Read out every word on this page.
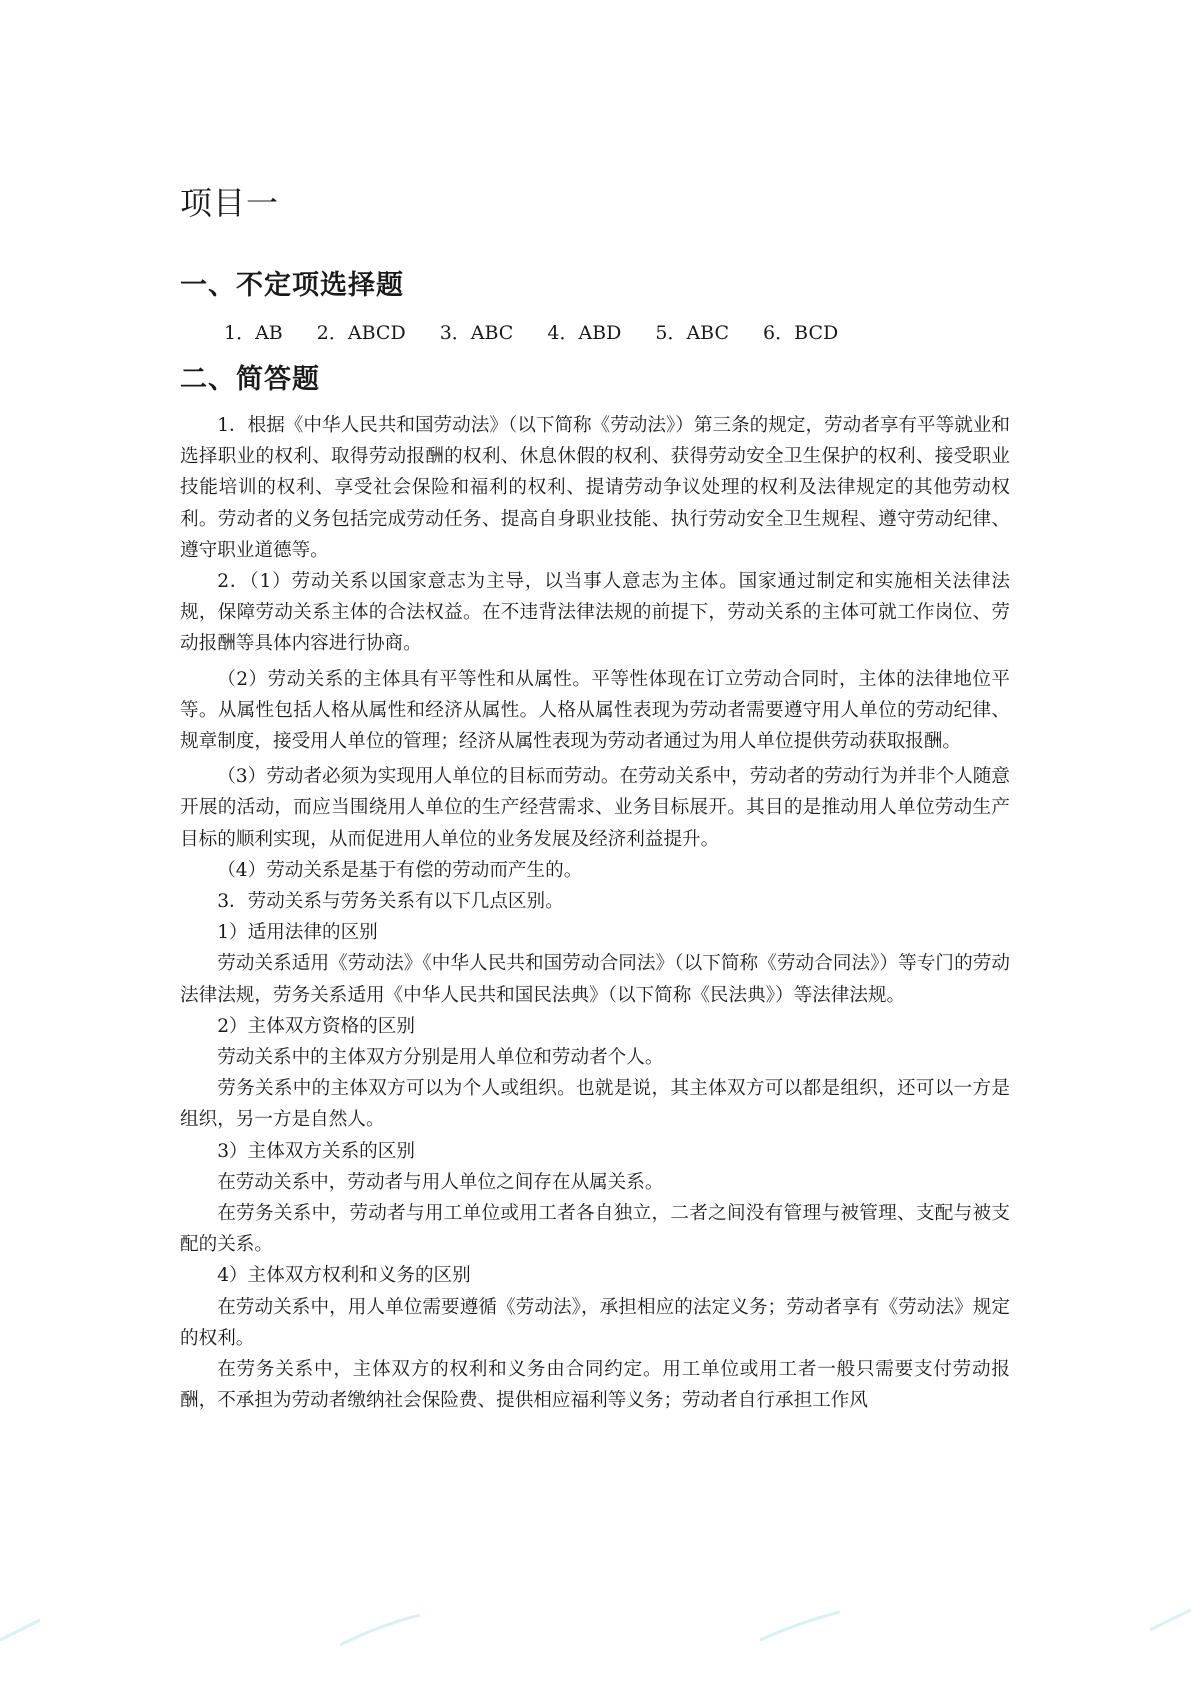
项目一
一、不定项选择题
1．AB 2．ABCD 3．ABC 4．ABD 5．ABC 6．BCD
二、简答题

1．根据《中华人民共和国劳动法》（以下简称《劳动法》）第三条的规定，劳动者享有平等就业和选择职业的权利、取得劳动报酬的权利、休息休假的权利、获得劳动安全卫生保护的权利、接受职业技能培训的权利、享受社会保险和福利的权利、提请劳动争议处理的权利及法律规定的其他劳动权利。劳动者的义务包括完成劳动任务、提高自身职业技能、执行劳动安全卫生规程、遵守劳动纪律、遵守职业道德等。

2．（1）劳动关系以国家意志为主导，以当事人意志为主体。国家通过制定和实施相关法律法规，保障劳动关系主体的合法权益。在不违背法律法规的前提下，劳动关系的主体可就工作岗位、劳动报酬等具体内容进行协商。

（2）劳动关系的主体具有平等性和从属性。平等性体现在订立劳动合同时，主体的法律地位平等。从属性包括人格从属性和经济从属性。人格从属性表现为劳动者需要遵守用人单位的劳动纪律、规章制度，接受用人单位的管理；经济从属性表现为劳动者通过为用人单位提供劳动获取报酬。

（3）劳动者必须为实现用人单位的目标而劳动。在劳动关系中，劳动者的劳动行为并非个人随意开展的活动，而应当围绕用人单位的生产经营需求、业务目标展开。其目的是推动用人单位劳动生产目标的顺利实现，从而促进用人单位的业务发展及经济利益提升。

（4）劳动关系是基于有偿的劳动而产生的。

3．劳动关系与劳务关系有以下几点区别。

1）适用法律的区别

劳动关系适用《劳动法》《中华人民共和国劳动合同法》（以下简称《劳动合同法》）等专门的劳动法律法规，劳务关系适用《中华人民共和国民法典》（以下简称《民法典》）等法律法规。

2）主体双方资格的区别

劳动关系中的主体双方分别是用人单位和劳动者个人。

劳务关系中的主体双方可以为个人或组织。也就是说，其主体双方可以都是组织，还可以一方是组织，另一方是自然人。

3）主体双方关系的区别

在劳动关系中，劳动者与用人单位之间存在从属关系。

在劳务关系中，劳动者与用工单位或用工者各自独立，二者之间没有管理与被管理、支配与被支配的关系。

4）主体双方权利和义务的区别

在劳动关系中，用人单位需要遵循《劳动法》，承担相应的法定义务；劳动者享有《劳动法》规定的权利。

在劳务关系中，主体双方的权利和义务由合同约定。用工单位或用工者一般只需要支付劳动报酬，不承担为劳动者缴纳社会保险费、提供相应福利等义务；劳动者自行承担工作风
